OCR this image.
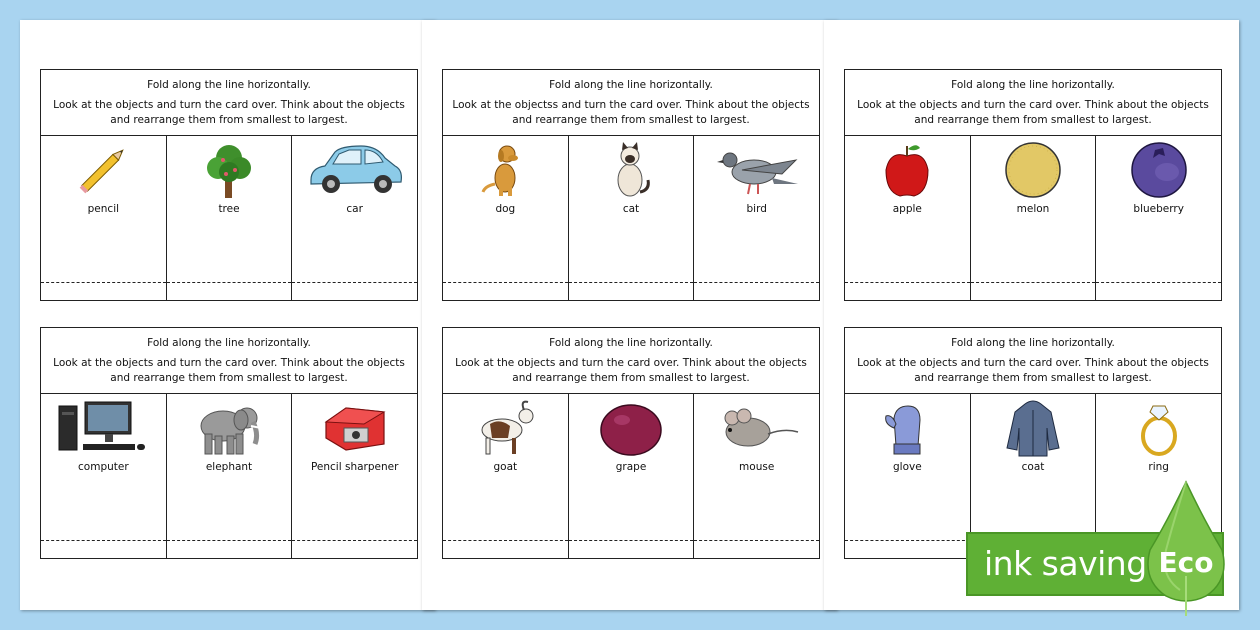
Fold along the line horizontally.
Look at the objects and turn the card over. Think about the objects and rearrange them from smallest to largest.
pencil	tree	car
Fold along the line horizontally.
Look at the objects and turn the card over. Think about the objects and rearrange them from smallest to largest.
computer	elephant	Pencil sharpener
Fold along the line horizontally.
Look at the objectss and turn the card over. Think about the objects and rearrange them from smallest to largest.
dog	cat	bird
Fold along the line horizontally.
Look at the objects and turn the card over. Think about the objects and rearrange them from smallest to largest.
goat	grape	mouse
Fold along the line horizontally.
Look at the objects and turn the card over. Think about the objects and rearrange them from smallest to largest.
apple	melon	blueberry
Fold along the line horizontally.
Look at the objects and turn the card over. Think about the objects and rearrange them from smallest to largest.
glove	coat	ring
ink saving Eco
